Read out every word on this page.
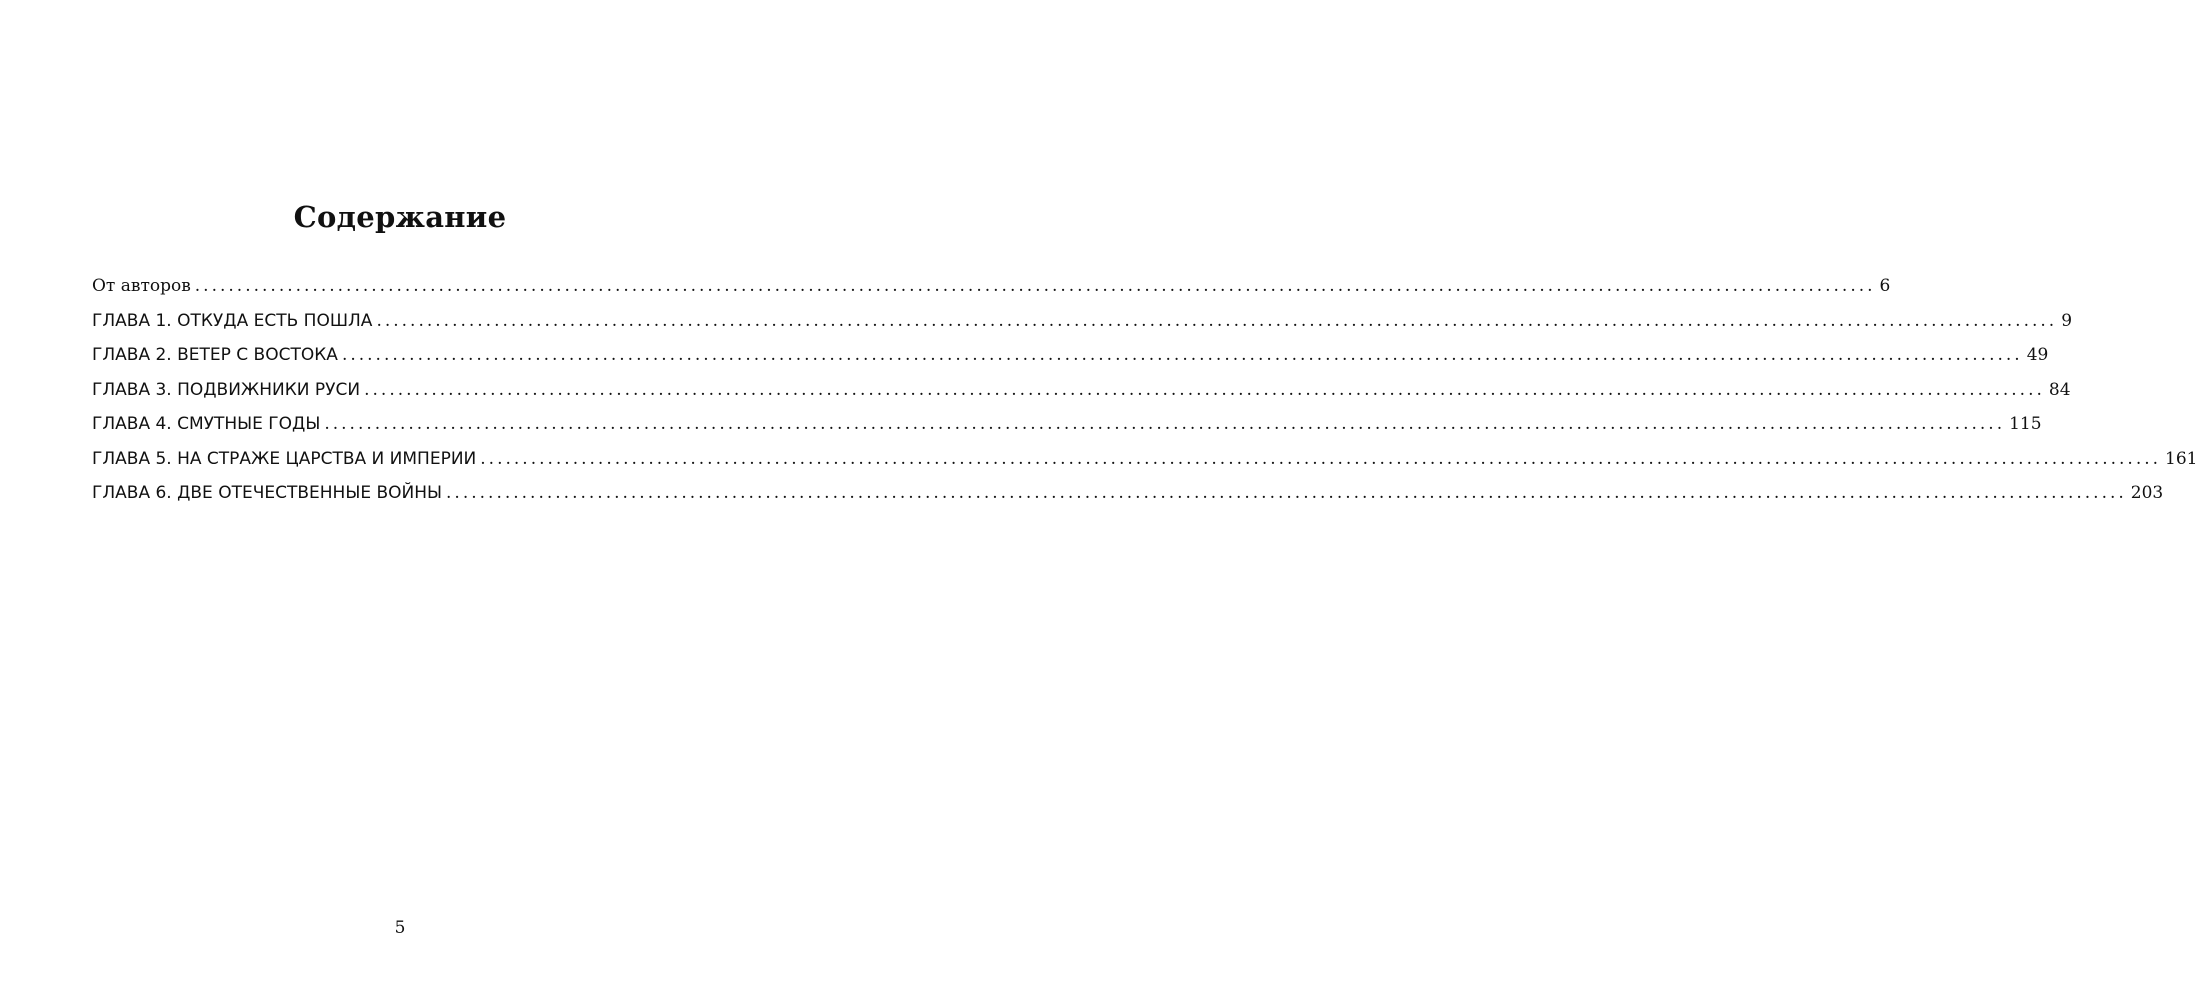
Содержание
От авторов ........................................................................................................................................................................................................ 6
ГЛАВА 1. ОТКУДА ЕСТЬ ПОШЛА ........................................................................................................................................................................................................ 9
ГЛАВА 2. ВЕТЕР С ВОСТОКА ........................................................................................................................................................................................................ 49
ГЛАВА 3. ПОДВИЖНИКИ РУСИ ........................................................................................................................................................................................................ 84
ГЛАВА 4. СМУТНЫЕ ГОДЫ ........................................................................................................................................................................................................ 115
ГЛАВА 5. НА СТРАЖЕ ЦАРСТВА И ИМПЕРИИ ........................................................................................................................................................................................................ 161
ГЛАВА 6. ДВЕ ОТЕЧЕСТВЕННЫЕ ВОЙНЫ ........................................................................................................................................................................................................ 203
5
